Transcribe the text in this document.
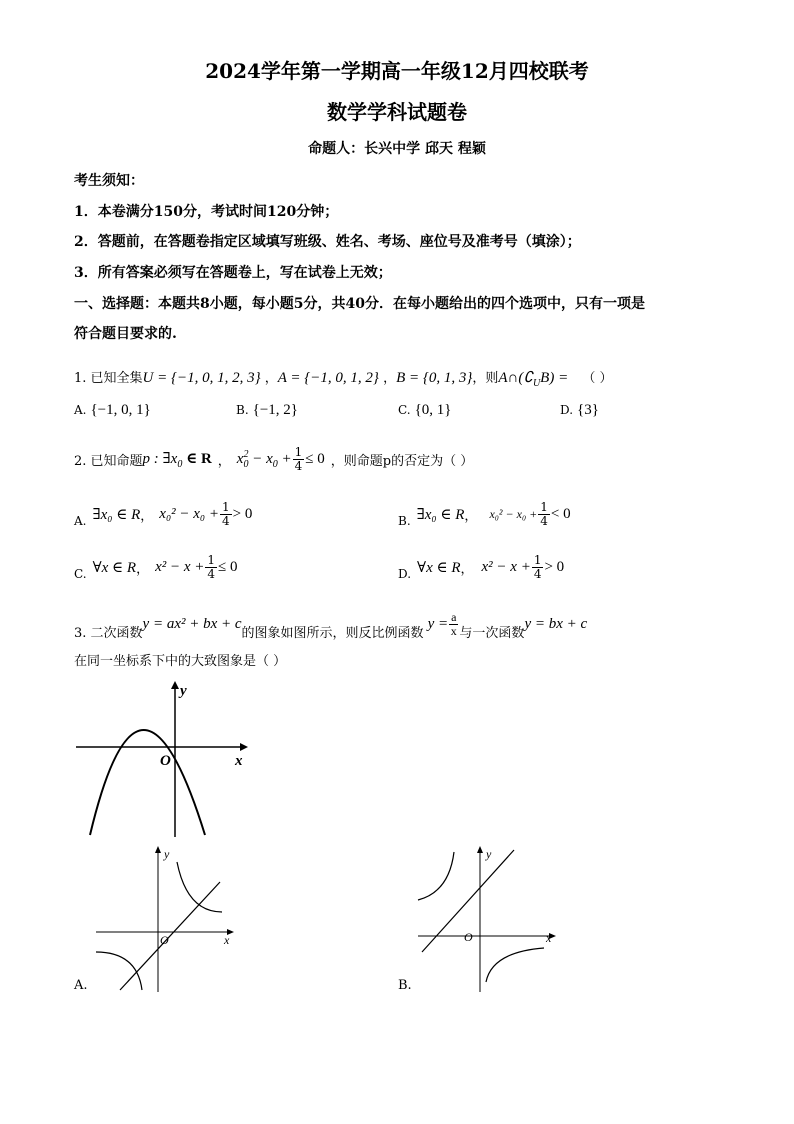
2024学年第一学期高一年级12月四校联考
数学学科试题卷
命题人：长兴中学 邱天 程颖
考生须知：
1．本卷满分150分，考试时间120分钟；
2．答题前，在答题卷指定区域填写班级、姓名、考场、座位号及准考号（填涂）；
3．所有答案必须写在答题卷上，写在试卷上无效；
一、选择题：本题共8小题，每小题5分，共40分．在每小题给出的四个选项中，只有一项是
符合题目要求的.
1. 已知全集U = {−1, 0, 1, 2, 3} ，A = {−1, 0, 1, 2} ，B = {0, 1, 3}，则$A\cap(∁_UB)$ = （ ）
A. {−1, 0, 1}	B. {−1, 2}	C. {0, 1}	D. {3}
2. 已知命题 p : $\exists x_0$ ∈ R ， $x_0^2 - x_0 + \frac{1}{4} \le 0$ ，则命题p的否定为（ ）
A. ∃x₀ ∈ R ， $x_0^2 - x_0 + \frac{1}{4} > 0$	B. ∃x₀ ∈ R ， $x_0^2 - x_0 + \frac{1}{4} < 0$
C. ∀x ∈ R ， $x^2 - x + \frac{1}{4} \le 0$	D. ∀x ∈ R ， $x^2 - x + \frac{1}{4} > 0$
3. 二次函数
y = ax² + bx + c
的图象如图所示，则反比例函数
$y = \frac{a}{x}$ 与一次函数
y = bx + c
在同一坐标系下中的大致图象是（ ）
y
x
O
A.
y
x
O
B.
y
x
O
